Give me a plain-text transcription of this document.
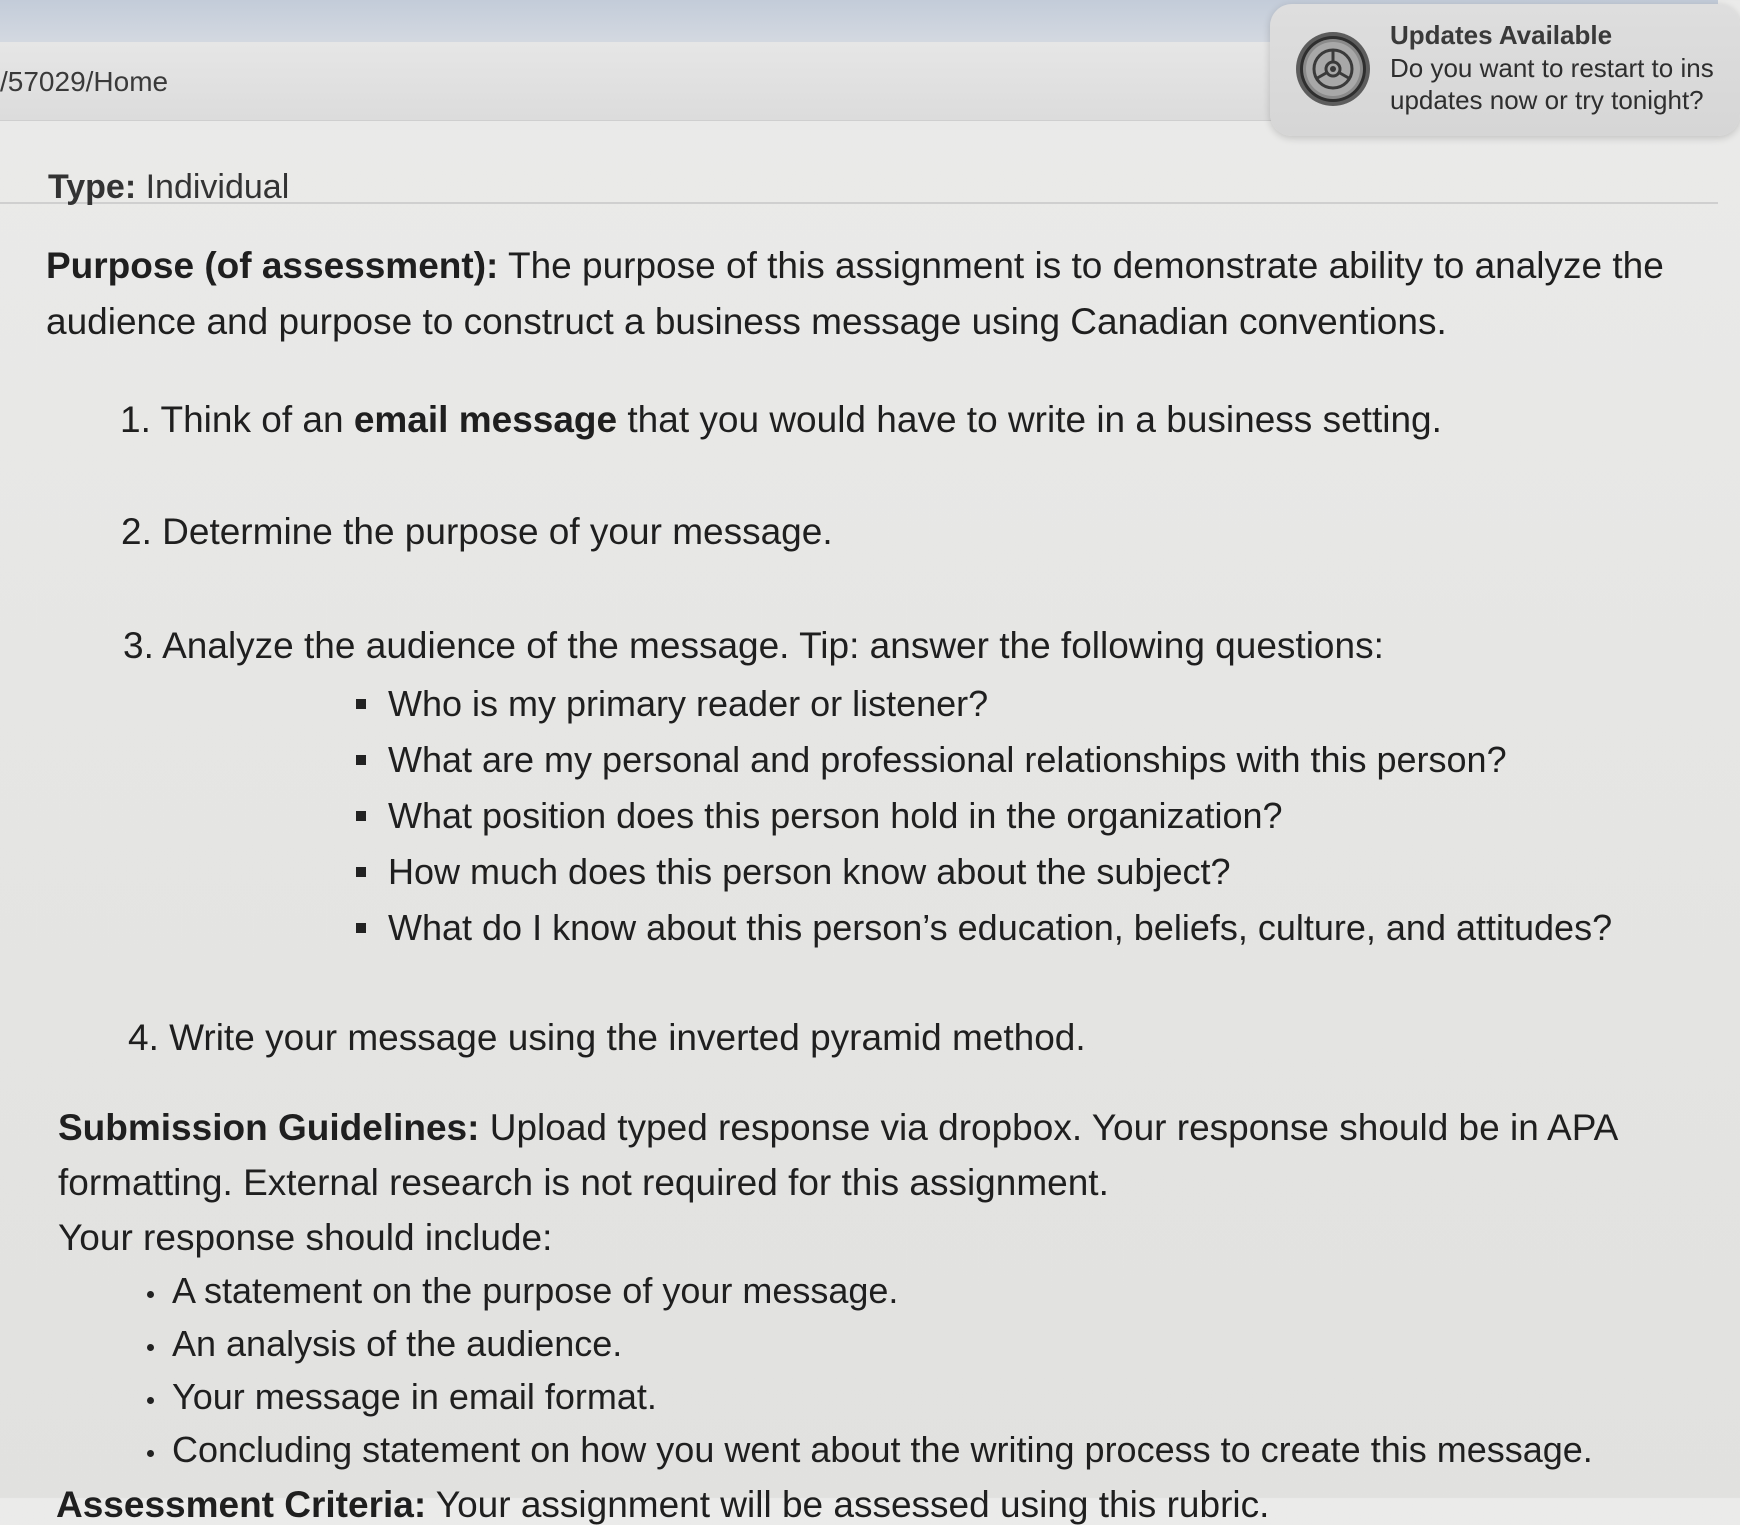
/57029/Home
Updates Available
Do you want to restart to ins
updates now or try tonight?
Type: Individual
Purpose (of assessment): The purpose of this assignment is to demonstrate ability to analyze the audience and purpose to construct a business message using Canadian conventions.
1. Think of an email message that you would have to write in a business setting.
2. Determine the purpose of your message.
3. Analyze the audience of the message. Tip: answer the following questions:
Who is my primary reader or listener?
What are my personal and professional relationships with this person?
What position does this person hold in the organization?
How much does this person know about the subject?
What do I know about this person’s education, beliefs, culture, and attitudes?
4. Write your message using the inverted pyramid method.
Submission Guidelines: Upload typed response via dropbox. Your response should be in APA formatting. External research is not required for this assignment.
Your response should include:
A statement on the purpose of your message.
An analysis of the audience.
Your message in email format.
Concluding statement on how you went about the writing process to create this message.
Assessment Criteria: Your assignment will be assessed using this rubric.
